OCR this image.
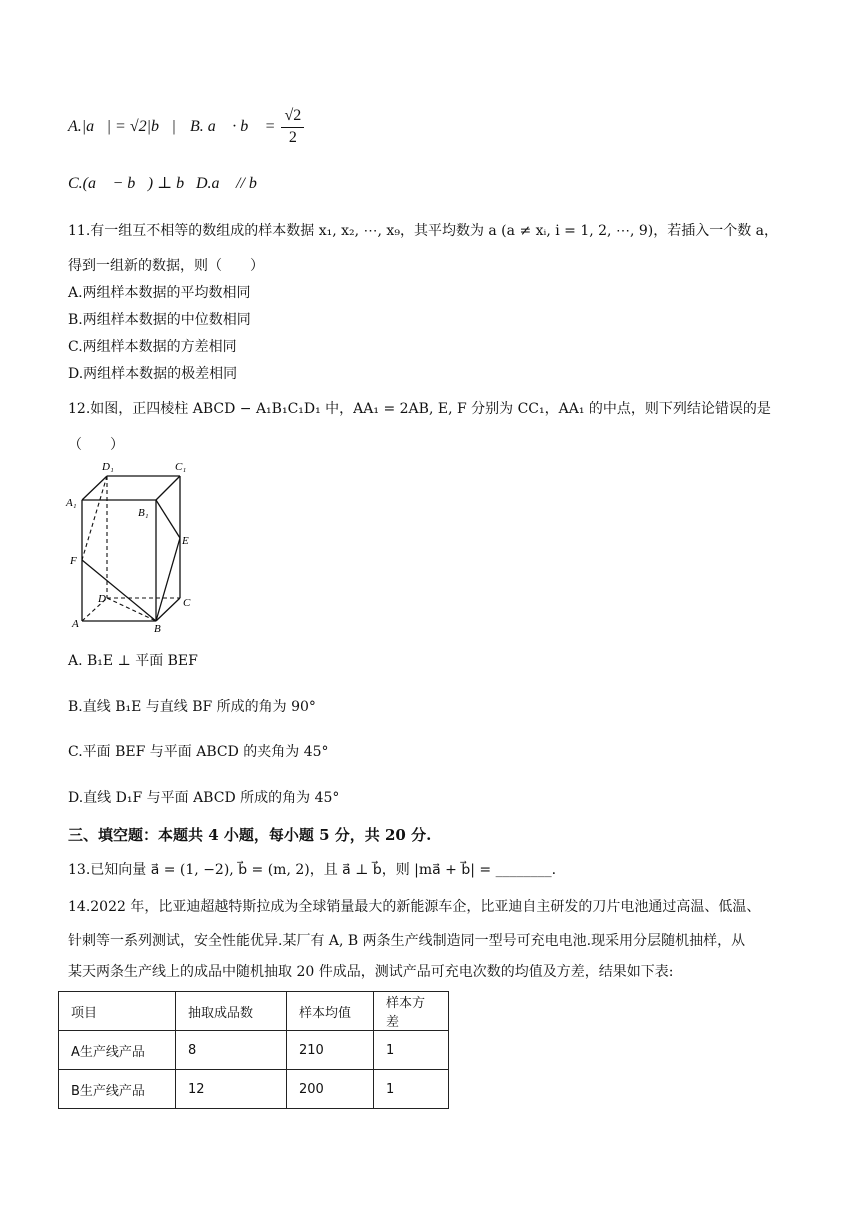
A.|a⃗| = √2|b⃗| B. a⃗ · b⃗ = $\frac{√2}{2}$
C.(a⃗ − b⃗) ⊥ b⃗ D.a⃗ // b⃗
11.有一组互不相等的数组成的样本数据 x₁, x₂, ⋯, x₉，其平均数为 a (a ≠ xᵢ, i = 1, 2, ⋯, 9)，若插入一个数 a，
得到一组新的数据，则（　　）
A.两组样本数据的平均数相同
B.两组样本数据的中位数相同
C.两组样本数据的方差相同
D.两组样本数据的极差相同
12.如图，正四棱柱 ABCD − A₁B₁C₁D₁ 中，AA₁ = 2AB, E, F 分别为 CC₁，AA₁ 的中点，则下列结论错误的是
（　　）
D₁	C₁
A₁
B₁
E
F
D	C
A	B
A. B₁E ⊥ 平面 BEF
B.直线 B₁E 与直线 BF 所成的角为 90°
C.平面 BEF 与平面 ABCD 的夹角为 45°
D.直线 D₁F 与平面 ABCD 所成的角为 45°
三、填空题：本题共 4 小题，每小题 5 分，共 20 分.
13.已知向量 a⃗ = (1, −2), b⃗ = (m, 2)，且 a⃗ ⊥ b⃗，则 |ma⃗ + b⃗| = ________.
14.2022 年，比亚迪超越特斯拉成为全球销量最大的新能源车企，比亚迪自主研发的刀片电池通过高温、低温、
针刺等一系列测试，安全性能优异.某厂有 A, B 两条生产线制造同一型号可充电电池.现采用分层随机抽样，从
某天两条生产线上的成品中随机抽取 20 件成品，测试产品可充电次数的均值及方差，结果如下表:
项目	抽取成品数	样本均值	样本方差
A生产线产品	8	210	1
B生产线产品	12	200	1
